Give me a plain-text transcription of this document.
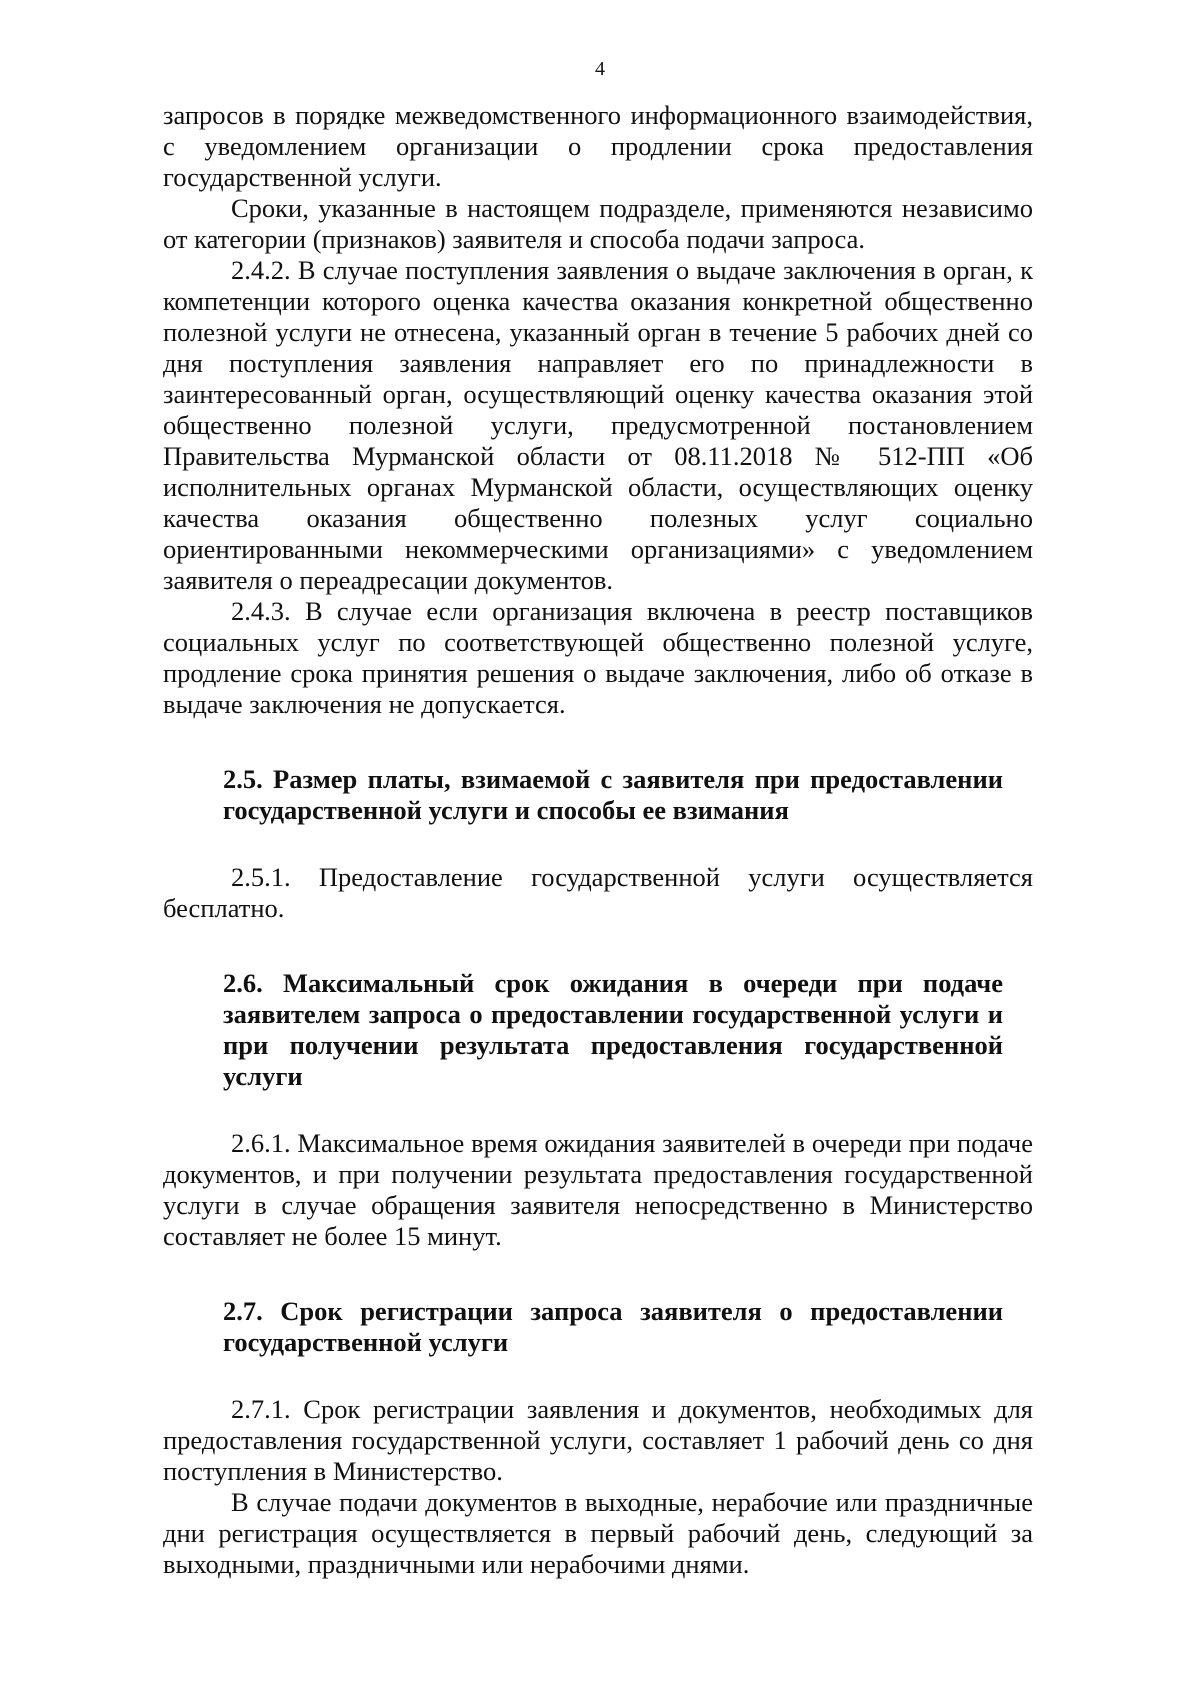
4

запросов в порядке межведомственного информационного взаимодействия, с уведомлением организации о продлении срока предоставления государственной услуги.

Сроки, указанные в настоящем подразделе, применяются независимо от категории (признаков) заявителя и способа подачи запроса.

2.4.2. В случае поступления заявления о выдаче заключения в орган, к компетенции которого оценка качества оказания конкретной общественно полезной услуги не отнесена, указанный орган в течение 5 рабочих дней со дня поступления заявления направляет его по принадлежности в заинтересованный орган, осуществляющий оценку качества оказания этой общественно полезной услуги, предусмотренной постановлением Правительства Мурманской области от 08.11.2018 № 512-ПП «Об исполнительных органах Мурманской области, осуществляющих оценку качества оказания общественно полезных услуг социально ориентированными некоммерческими организациями» с уведомлением заявителя о переадресации документов.

2.4.3. В случае если организация включена в реестр поставщиков социальных услуг по соответствующей общественно полезной услуге, продление срока принятия решения о выдаче заключения, либо об отказе в выдаче заключения не допускается.

2.5. Размер платы, взимаемой с заявителя при предоставлении государственной услуги и способы ее взимания

2.5.1. Предоставление государственной услуги осуществляется бесплатно.

2.6. Максимальный срок ожидания в очереди при подаче заявителем запроса о предоставлении государственной услуги и при получении результата предоставления государственной услуги

2.6.1. Максимальное время ожидания заявителей в очереди при подаче документов, и при получении результата предоставления государственной услуги в случае обращения заявителя непосредственно в Министерство составляет не более 15 минут.

2.7. Срок регистрации запроса заявителя о предоставлении государственной услуги

2.7.1. Срок регистрации заявления и документов, необходимых для предоставления государственной услуги, составляет 1 рабочий день со дня поступления в Министерство.

В случае подачи документов в выходные, нерабочие или праздничные дни регистрация осуществляется в первый рабочий день, следующий за выходными, праздничными или нерабочими днями.
